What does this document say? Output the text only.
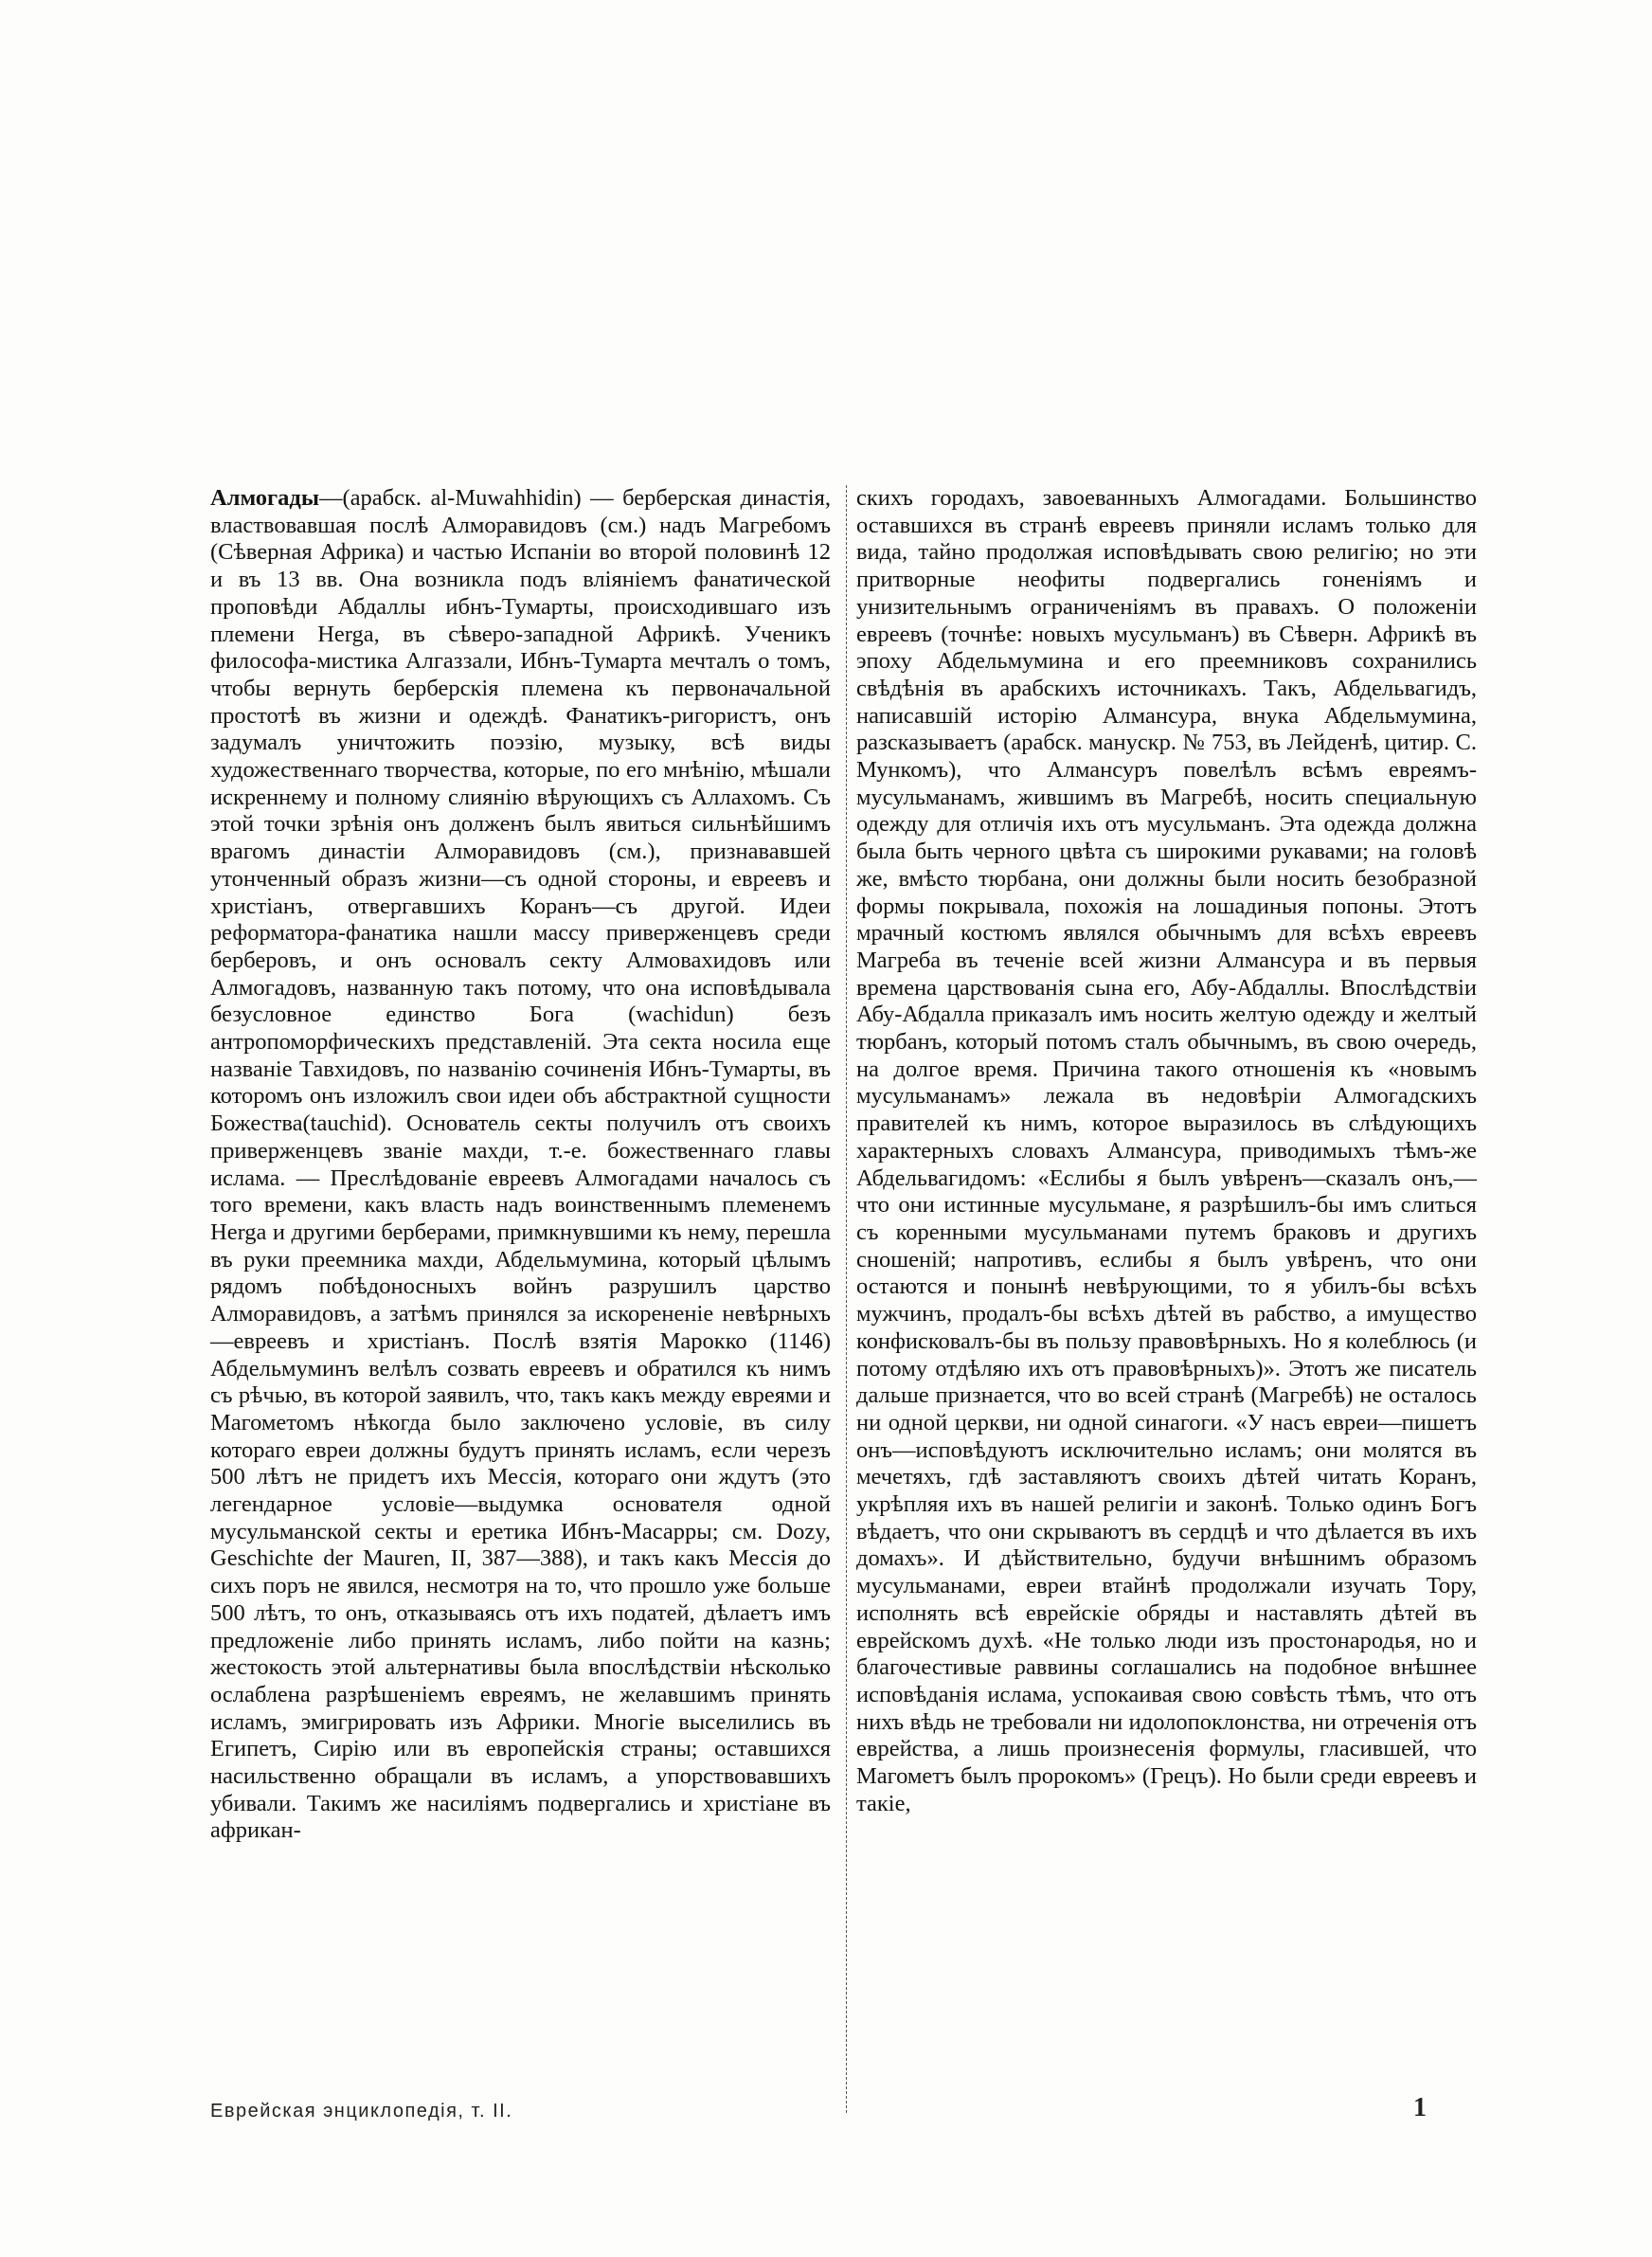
Алмогады—(арабск. al-Muwahhidin) — берберская династія, властвовавшая послѣ Алморавидовъ (см.) надъ Магребомъ (Сѣверная Африка) и частью Испаніи во второй половинѣ 12 и въ 13 вв. Она возникла подъ вліяніемъ фанатической проповѣди Абдаллы ибнъ-Тумарты, происходившаго изъ племени Herga, въ сѣверо-западной Африкѣ. Ученикъ философа-мистика Алгаззали, Ибнъ-Тумарта мечталъ о томъ, чтобы вернуть берберскія племена къ первоначальной простотѣ въ жизни и одеждѣ. Фанатикъ-ригористъ, онъ задумалъ уничтожить поэзію, музыку, всѣ виды художественнаго творчества, которые, по его мнѣнію, мѣшали искреннему и полному слиянію вѣрующихъ съ Аллахомъ. Съ этой точки зрѣнія онъ долженъ былъ явиться сильнѣйшимъ врагомъ династіи Алморавидовъ (см.), признававшей утонченный образъ жизни—съ одной стороны, и евреевъ и христіанъ, отвергавшихъ Коранъ—съ другой. Идеи реформатора-фанатика нашли массу приверженцевъ среди берберовъ, и онъ основалъ секту Алмовахидовъ или Алмогадовъ, названную такъ потому, что она исповѣдывала безусловное единство Бога (wachidun) безъ антропоморфическихъ представленій. Эта секта носила еще названіе Тавхидовъ, по названію сочиненія Ибнъ-Тумарты, въ которомъ онъ изложилъ свои идеи объ абстрактной сущности Божества(tauchid). Основатель секты получилъ отъ своихъ приверженцевъ званіе махди, т.-е. божественнаго главы ислама. — Преслѣдованіе евреевъ Алмогадами началось съ того времени, какъ власть надъ воинственнымъ племенемъ Herga и другими берберами, примкнувшими къ нему, перешла въ руки преемника махди, Абдельмумина, который цѣлымъ рядомъ побѣдоносныхъ войнъ разрушилъ царство Алморавидовъ, а затѣмъ принялся за искорененіе невѣрныхъ—евреевъ и христіанъ. Послѣ взятія Марокко (1146) Абдельмуминъ велѣлъ созвать евреевъ и обратился къ нимъ съ рѣчью, въ которой заявилъ, что, такъ какъ между евреями и Магометомъ нѣкогда было заключено условіе, въ силу котораго евреи должны будутъ принять исламъ, если черезъ 500 лѣтъ не придетъ ихъ Мессія, котораго они ждутъ (это легендарное условіе—выдумка основателя одной мусульманской секты и еретика Ибнъ-Масарры; см. Dozy, Geschichte der Mauren, II, 387—388), и такъ какъ Мессія до сихъ поръ не явился, несмотря на то, что прошло уже больше 500 лѣтъ, то онъ, отказываясь отъ ихъ податей, дѣлаетъ имъ предложеніе либо принять исламъ, либо пойти на казнь; жестокость этой альтернативы была впослѣдствіи нѣсколько ослаблена разрѣшеніемъ евреямъ, не желавшимъ принять исламъ, эмигрировать изъ Африки. Многіе выселились въ Египетъ, Сирію или въ европейскія страны; оставшихся насильственно обращали въ исламъ, а упорствовавшихъ убивали. Такимъ же насиліямъ подвергались и христіане въ африкан-

скихъ городахъ, завоеванныхъ Алмогадами. Большинство оставшихся въ странѣ евреевъ приняли исламъ только для вида, тайно продолжая исповѣдывать свою религію; но эти притворные неофиты подвергались гоненіямъ и унизительнымъ ограниченіямъ въ правахъ. О положеніи евреевъ (точнѣе: новыхъ мусульманъ) въ Сѣверн. Африкѣ въ эпоху Абдельмумина и его преемниковъ сохранились свѣдѣнія въ арабскихъ источникахъ. Такъ, Абдельвагидъ, написавшій исторію Алмансура, внука Абдельмумина, разсказываетъ (арабск. манускр. № 753, въ Лейденѣ, цитир. С. Мункомъ), что Алмансуръ повелѣлъ всѣмъ евреямъ-мусульманамъ, жившимъ въ Магребѣ, носить специальную одежду для отличія ихъ отъ мусульманъ. Эта одежда должна была быть черного цвѣта съ широкими рукавами; на головѣ же, вмѣсто тюрбана, они должны были носить безобразной формы покрывала, похожія на лошадиныя попоны. Этотъ мрачный костюмъ являлся обычнымъ для всѣхъ евреевъ Магреба въ теченіе всей жизни Алмансура и въ первыя времена царствованія сына его, Абу-Абдаллы. Впослѣдствіи Абу-Абдалла приказалъ имъ носить желтую одежду и желтый тюрбанъ, который потомъ сталъ обычнымъ, въ свою очередь, на долгое время. Причина такого отношенія къ «новымъ мусульманамъ» лежала въ недовѣріи Алмогадскихъ правителей къ нимъ, которое выразилось въ слѣдующихъ характерныхъ словахъ Алмансура, приводимыхъ тѣмъ-же Абдельвагидомъ: «Еслибы я былъ увѣренъ—сказалъ онъ,—что они истинные мусульмане, я разрѣшилъ-бы имъ слиться съ коренными мусульманами путемъ браковъ и другихъ сношеній; напротивъ, еслибы я былъ увѣренъ, что они остаются и понынѣ невѣрующими, то я убилъ-бы всѣхъ мужчинъ, продалъ-бы всѣхъ дѣтей въ рабство, а имущество конфисковалъ-бы въ пользу правовѣрныхъ. Но я колеблюсь (и потому отдѣляю ихъ отъ правовѣрныхъ)». Этотъ же писатель дальше признается, что во всей странѣ (Магребѣ) не осталось ни одной церкви, ни одной синагоги. «У насъ евреи—пишетъ онъ—исповѣдуютъ исключительно исламъ; они молятся въ мечетяхъ, гдѣ заставляютъ своихъ дѣтей читать Коранъ, укрѣпляя ихъ въ нашей религіи и законѣ. Только одинъ Богъ вѣдаетъ, что они скрываютъ въ сердцѣ и что дѣлается въ ихъ домахъ». И дѣйствительно, будучи внѣшнимъ образомъ мусульманами, евреи втайнѣ продолжали изучать Тору, исполнять всѣ еврейскіе обряды и наставлять дѣтей въ еврейскомъ духѣ. «Не только люди изъ простонародья, но и благочестивые раввины соглашались на подобное внѣшнее исповѣданія ислама, успокаивая свою совѣсть тѣмъ, что отъ нихъ вѣдь не требовали ни идолопоклонства, ни отреченія отъ еврейства, а лишь произнесенія формулы, гласившей, что Магометъ былъ пророкомъ» (Грецъ). Но были среди евреевъ и такіе,

Еврейская энциклопедія, т. II.	1
